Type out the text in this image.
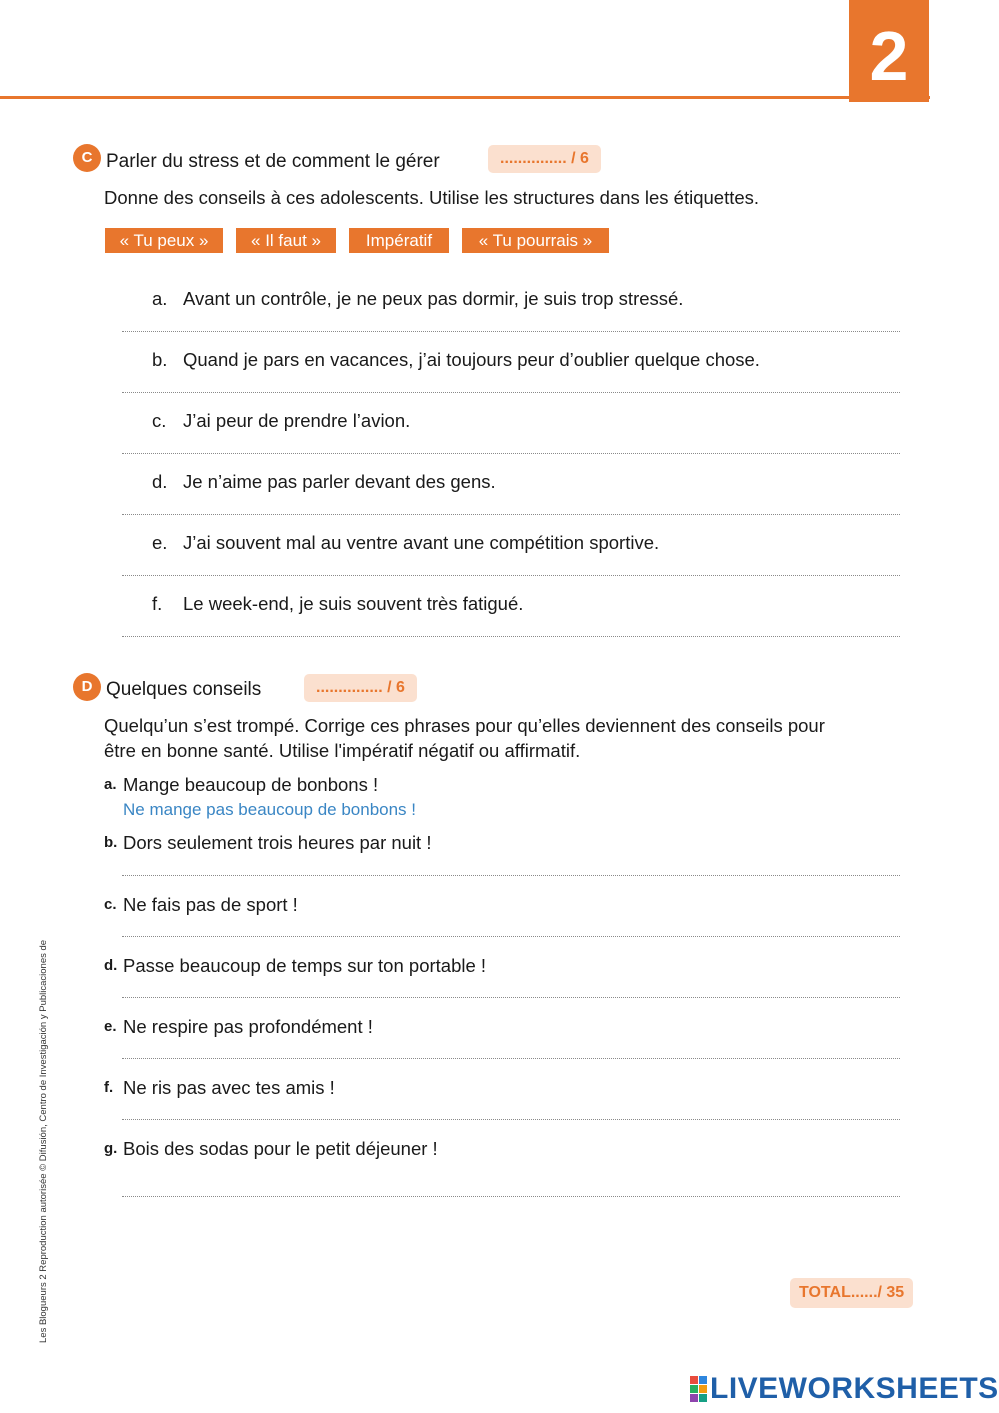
2
C Parler du stress et de comment le gérer	............... / 6
Donne des conseils à ces adolescents. Utilise les structures dans les étiquettes.
« Tu peux »	« Il faut »	Impératif	« Tu pourrais »
a. Avant un contrôle, je ne peux pas dormir, je suis trop stressé.
b. Quand je pars en vacances, j’ai toujours peur d’oublier quelque chose.
c. J’ai peur de prendre l’avion.
d. Je n’aime pas parler devant des gens.
e. J’ai souvent mal au ventre avant une compétition sportive.
f. Le week-end, je suis souvent très fatigué.
D Quelques conseils	............... / 6
Quelqu’un s’est trompé. Corrige ces phrases pour qu’elles deviennent des conseils pour
être en bonne santé. Utilise l'impératif négatif ou affirmatif.
a. Mange beaucoup de bonbons !
Ne mange pas beaucoup de bonbons !
b. Dors seulement trois heures par nuit !
c. Ne fais pas de sport !
d. Passe beaucoup de temps sur ton portable !
e. Ne respire pas profondément !
f. Ne ris pas avec tes amis !
g. Bois des sodas pour le petit déjeuner !
Les Blogueurs 2 Reproduction autorisée © Difusión, Centro de Investigación y Publicaciones de	TOTAL....../ 35
LIVEWORKSHEETS
